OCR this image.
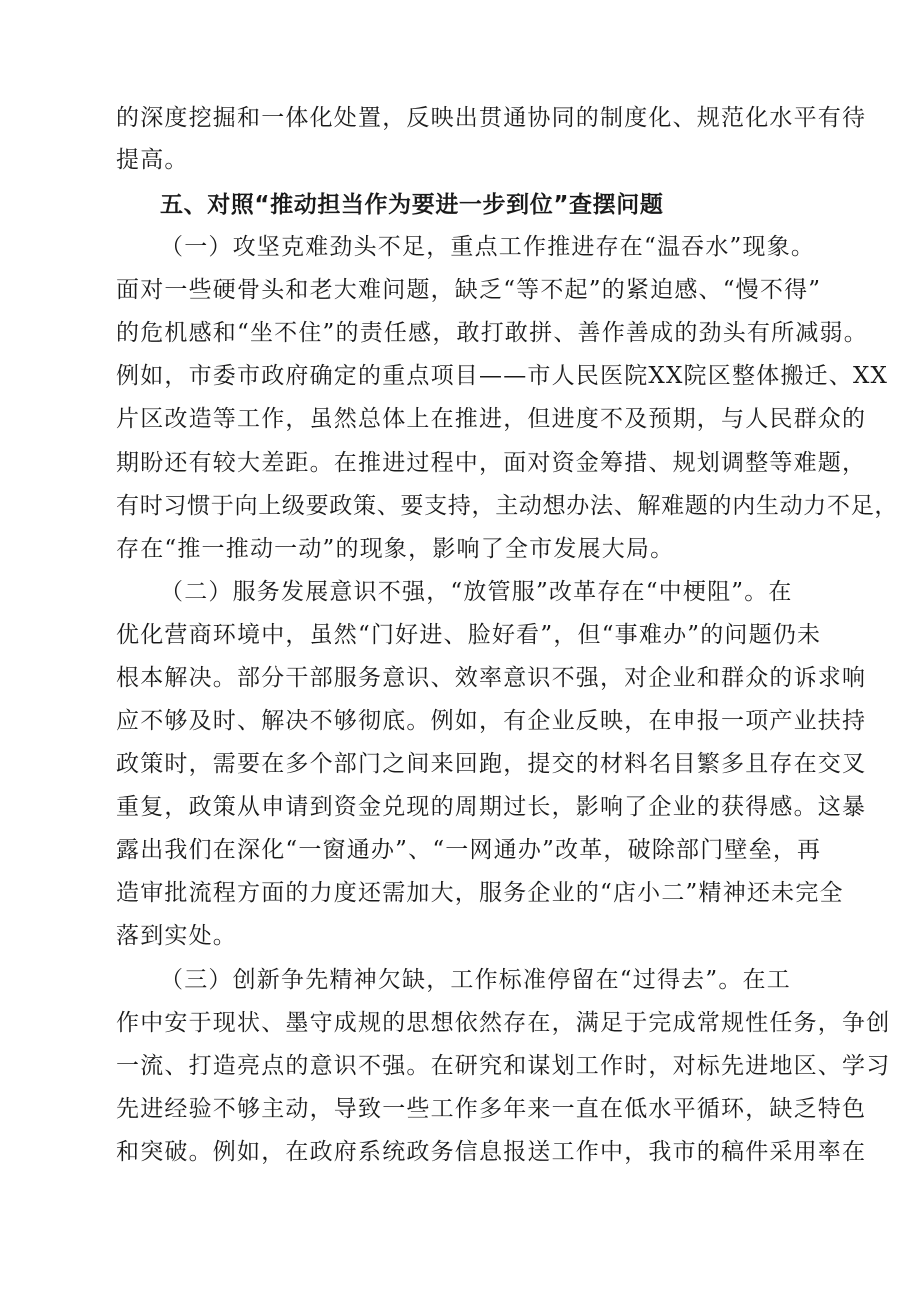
的深度挖掘和一体化处置，反映出贯通协同的制度化、规范化水平有待
提高。
五、对照“推动担当作为要进一步到位”查摆问题
（一）攻坚克难劲头不足，重点工作推进存在“温吞水”现象。
面对一些硬骨头和老大难问题，缺乏“等不起”的紧迫感、“慢不得”
的危机感和“坐不住”的责任感，敢打敢拼、善作善成的劲头有所减弱。
例如，市委市政府确定的重点项目——市人民医院XX院区整体搬迁、XX
片区改造等工作，虽然总体上在推进，但进度不及预期，与人民群众的
期盼还有较大差距。在推进过程中，面对资金筹措、规划调整等难题，
有时习惯于向上级要政策、要支持，主动想办法、解难题的内生动力不足，
存在“推一推动一动”的现象，影响了全市发展大局。
（二）服务发展意识不强，“放管服”改革存在“中梗阻”。在
优化营商环境中，虽然“门好进、脸好看”，但“事难办”的问题仍未
根本解决。部分干部服务意识、效率意识不强，对企业和群众的诉求响
应不够及时、解决不够彻底。例如，有企业反映，在申报一项产业扶持
政策时，需要在多个部门之间来回跑，提交的材料名目繁多且存在交叉
重复，政策从申请到资金兑现的周期过长，影响了企业的获得感。这暴
露出我们在深化“一窗通办”、“一网通办”改革，破除部门壁垒，再
造审批流程方面的力度还需加大，服务企业的“店小二”精神还未完全
落到实处。
（三）创新争先精神欠缺，工作标准停留在“过得去”。在工
作中安于现状、墨守成规的思想依然存在，满足于完成常规性任务，争创
一流、打造亮点的意识不强。在研究和谋划工作时，对标先进地区、学习
先进经验不够主动，导致一些工作多年来一直在低水平循环，缺乏特色
和突破。例如，在政府系统政务信息报送工作中，我市的稿件采用率在
